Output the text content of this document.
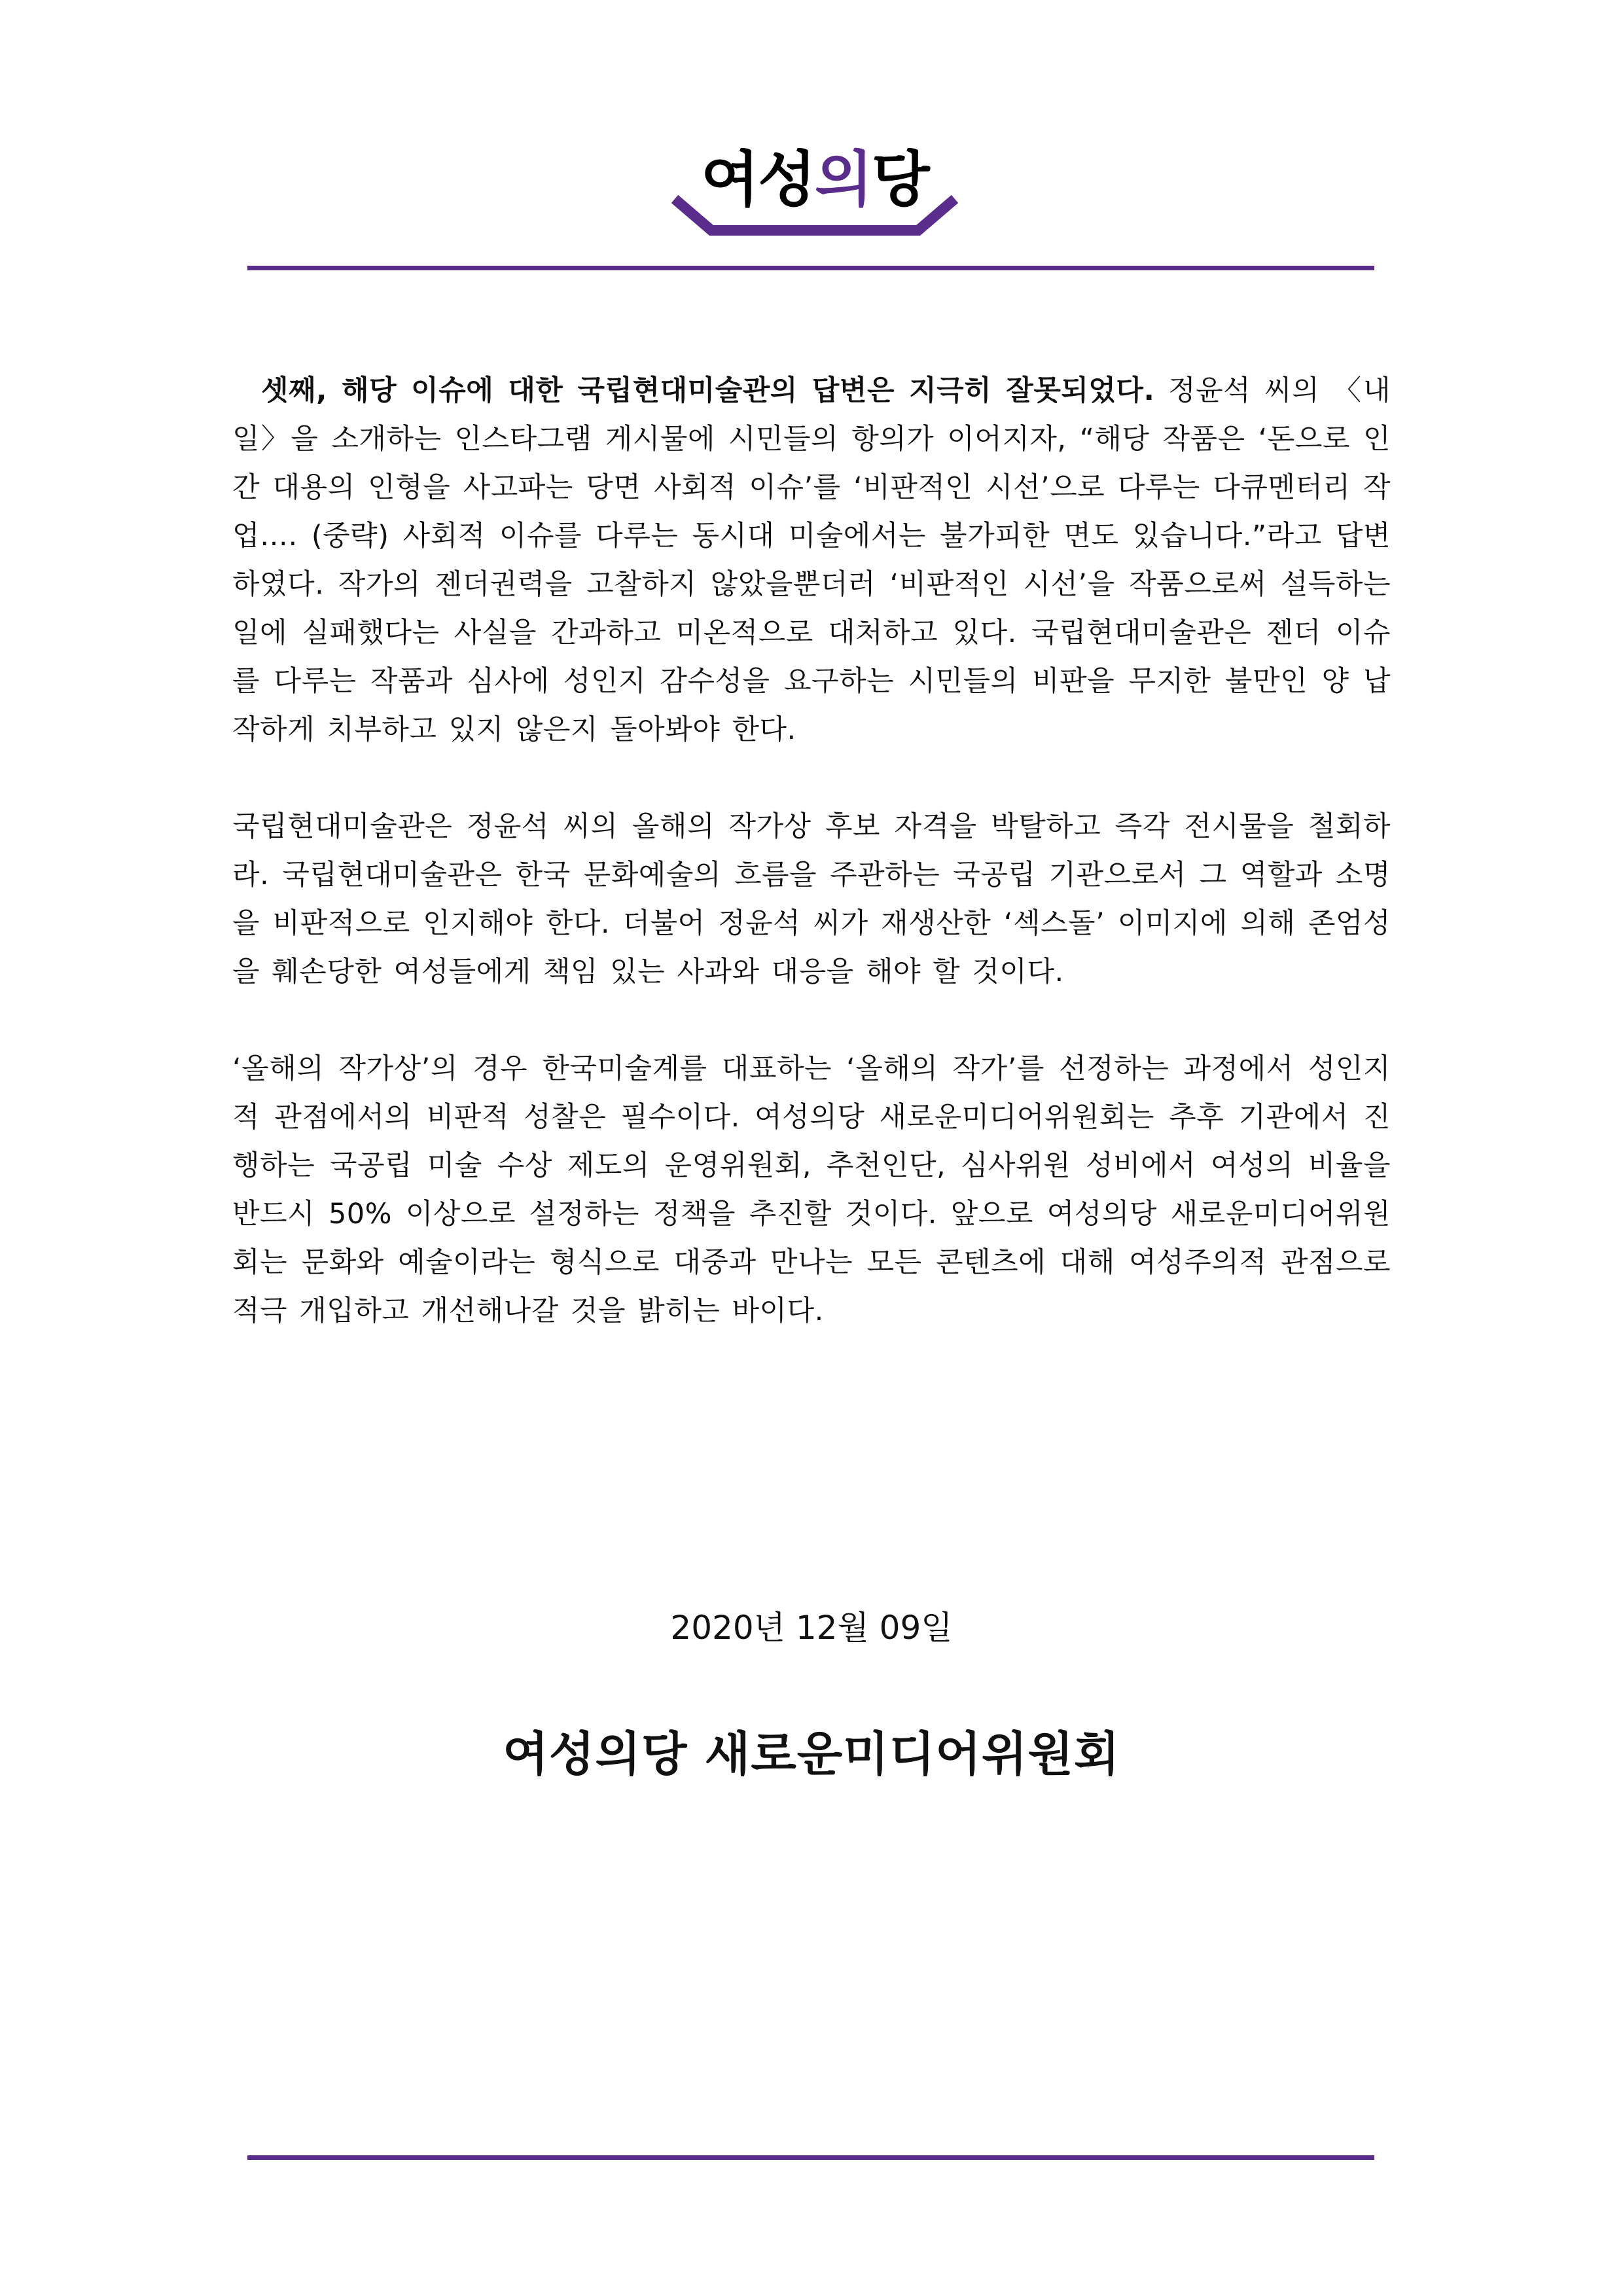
여성의당

셋째, 해당 이슈에 대한 국립현대미술관의 답변은 지극히 잘못되었다. 정윤석 씨의 〈내일〉을 소개하는 인스타그램 게시물에 시민들의 항의가 이어지자, “해당 작품은 ‘돈으로 인간 대용의 인형을 사고파는 당면 사회적 이슈’를 ‘비판적인 시선’으로 다루는 다큐멘터리 작업…. (중략) 사회적 이슈를 다루는 동시대 미술에서는 불가피한 면도 있습니다.”라고 답변하였다. 작가의 젠더권력을 고찰하지 않았을뿐더러 ‘비판적인 시선’을 작품으로써 설득하는 일에 실패했다는 사실을 간과하고 미온적으로 대처하고 있다. 국립현대미술관은 젠더 이슈를 다루는 작품과 심사에 성인지 감수성을 요구하는 시민들의 비판을 무지한 불만인 양 납작하게 치부하고 있지 않은지 돌아봐야 한다.

국립현대미술관은 정윤석 씨의 올해의 작가상 후보 자격을 박탈하고 즉각 전시물을 철회하라. 국립현대미술관은 한국 문화예술의 흐름을 주관하는 국공립 기관으로서 그 역할과 소명을 비판적으로 인지해야 한다. 더불어 정윤석 씨가 재생산한 ‘섹스돌’ 이미지에 의해 존엄성을 훼손당한 여성들에게 책임 있는 사과와 대응을 해야 할 것이다.

‘올해의 작가상’의 경우 한국미술계를 대표하는 ‘올해의 작가’를 선정하는 과정에서 성인지적 관점에서의 비판적 성찰은 필수이다. 여성의당 새로운미디어위원회는 추후 기관에서 진행하는 국공립 미술 수상 제도의 운영위원회, 추천인단, 심사위원 성비에서 여성의 비율을 반드시 50% 이상으로 설정하는 정책을 추진할 것이다. 앞으로 여성의당 새로운미디어위원회는 문화와 예술이라는 형식으로 대중과 만나는 모든 콘텐츠에 대해 여성주의적 관점으로 적극 개입하고 개선해나갈 것을 밝히는 바이다.

2020년 12월 09일
여성의당 새로운미디어위원회
